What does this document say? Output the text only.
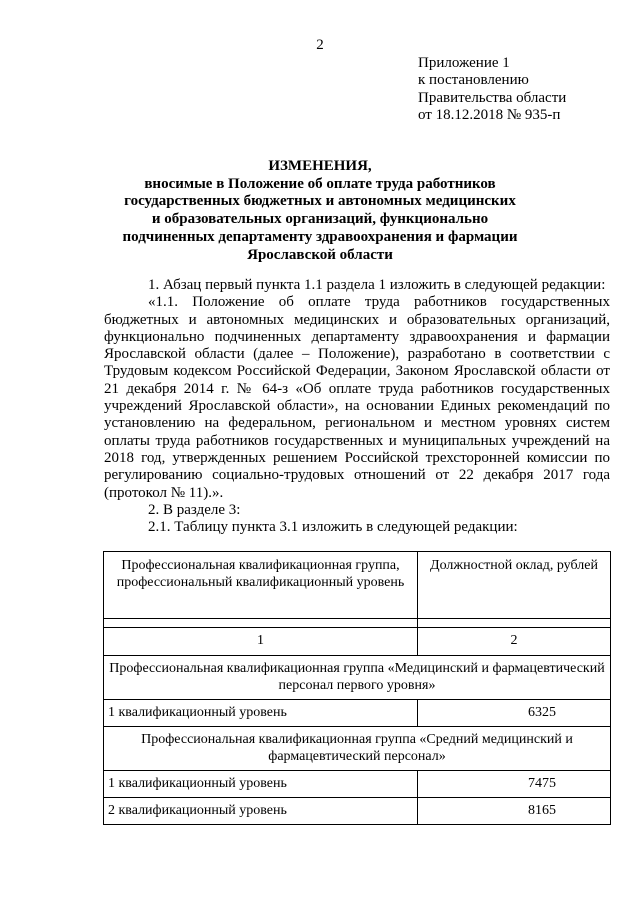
2
Приложение 1
к постановлению
Правительства области
от 18.12.2018 № 935-п
ИЗМЕНЕНИЯ,
вносимые в Положение об оплате труда работников
государственных бюджетных и автономных медицинских
и образовательных организаций, функционально
подчиненных департаменту здравоохранения и фармации
Ярославской области

1. Абзац первый пункта 1.1 раздела 1 изложить в следующей редакции:

«1.1. Положение об оплате труда работников государственных бюджетных и автономных медицинских и образовательных организаций, функционально подчиненных департаменту здравоохранения и фармации Ярославской области (далее – Положение), разработано в соответствии с Трудовым кодексом Российской Федерации, Законом Ярославской области от 21 декабря 2014 г. № 64-з «Об оплате труда работников государственных учреждений Ярославской области», на основании Единых рекомендаций по установлению на федеральном, региональном и местном уровнях систем оплаты труда работников государственных и муниципальных учреждений на 2018 год, утвержденных решением Российской трехсторонней комиссии по регулированию социально-трудовых отношений от 22 декабря 2017 года (протокол № 11).».

2. В разделе 3:

2.1. Таблицу пункта 3.1 изложить в следующей редакции:

Профессиональная квалификационная группа, профессиональный квалификационный уровень	Должностной оклад, рублей

1	2
Профессиональная квалификационная группа «Медицинский и фармацевтический персонал первого уровня»	
1 квалификационный уровень	6325
Профессиональная квалификационная группа «Средний медицинский и фармацевтический персонал»	
1 квалификационный уровень	7475
2 квалификационный уровень	8165
